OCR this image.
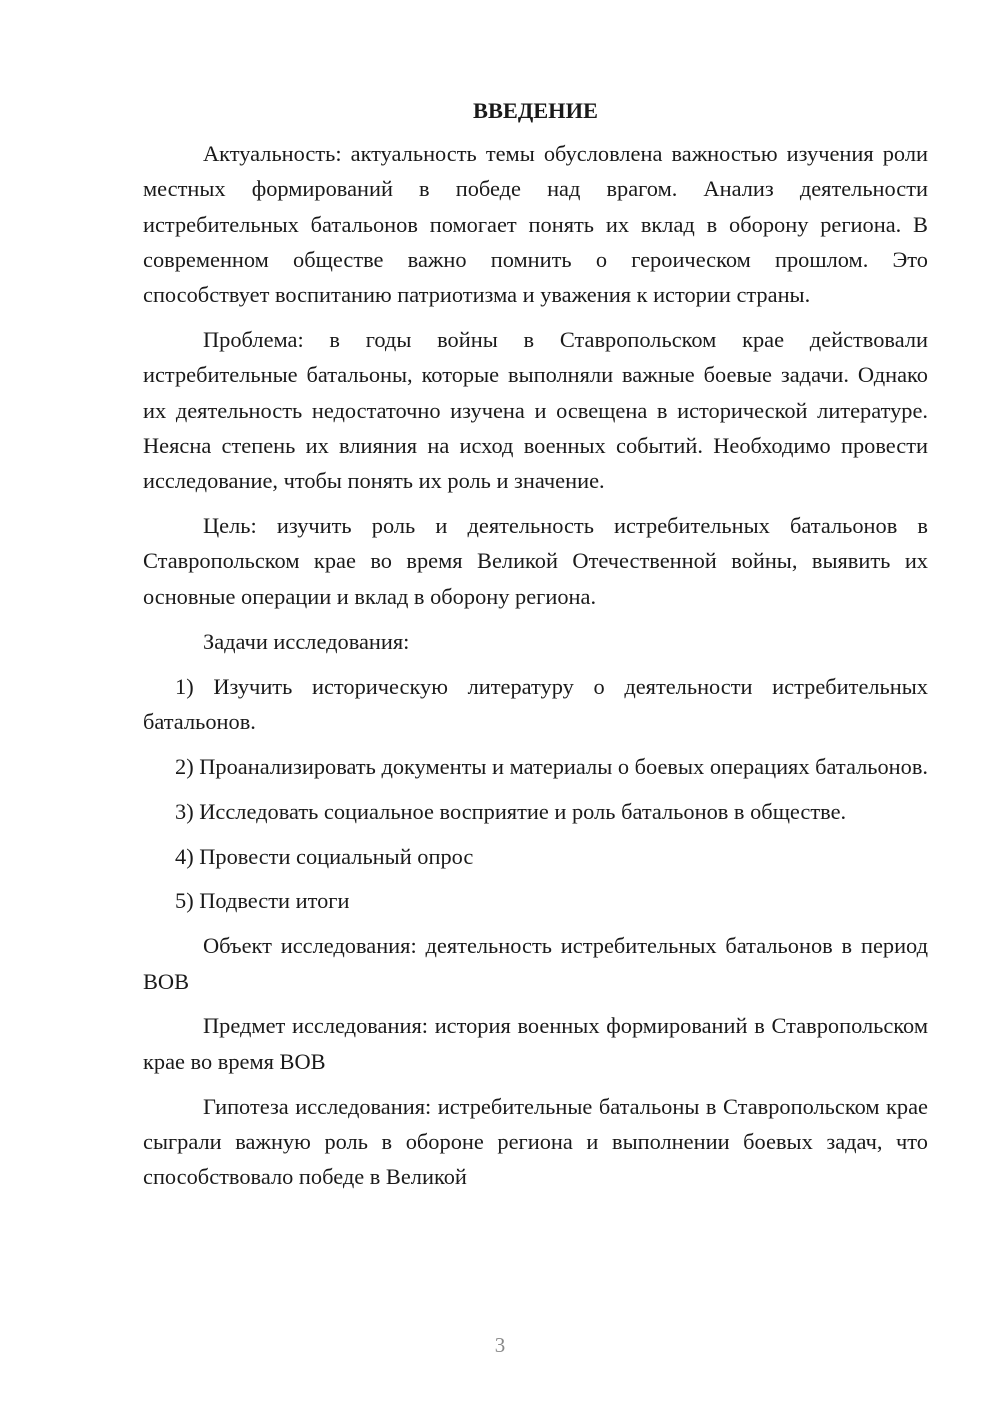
ВВЕДЕНИЕ

Актуальность: актуальность темы обусловлена важностью изучения роли местных формирований в победе над врагом. Анализ деятельности истребительных батальонов помогает понять их вклад в оборону региона. В современном обществе важно помнить о героическом прошлом. Это способствует воспитанию патриотизма и уважения к истории страны.

Проблема: в годы войны в Ставропольском крае действовали истребительные батальоны, которые выполняли важные боевые задачи. Однако их деятельность недостаточно изучена и освещена в исторической литературе. Неясна степень их влияния на исход военных событий. Необходимо провести исследование, чтобы понять их роль и значение.

Цель: изучить роль и деятельность истребительных батальонов в Ставропольском крае во время Великой Отечественной войны, выявить их основные операции и вклад в оборону региона.

Задачи исследования:

1) Изучить историческую литературу о деятельности истребительных батальонов.

2) Проанализировать документы и материалы о боевых операциях батальонов.

3) Исследовать социальное восприятие и роль батальонов в обществе.

4) Провести социальный опрос

5) Подвести итоги

Объект исследования: деятельность истребительных батальонов в период ВОВ

Предмет исследования: история военных формирований в Ставропольском крае во время ВОВ

Гипотеза исследования: истребительные батальоны в Ставропольском крае сыграли важную роль в обороне региона и выполнении боевых задач, что способствовало победе в Великой

3
